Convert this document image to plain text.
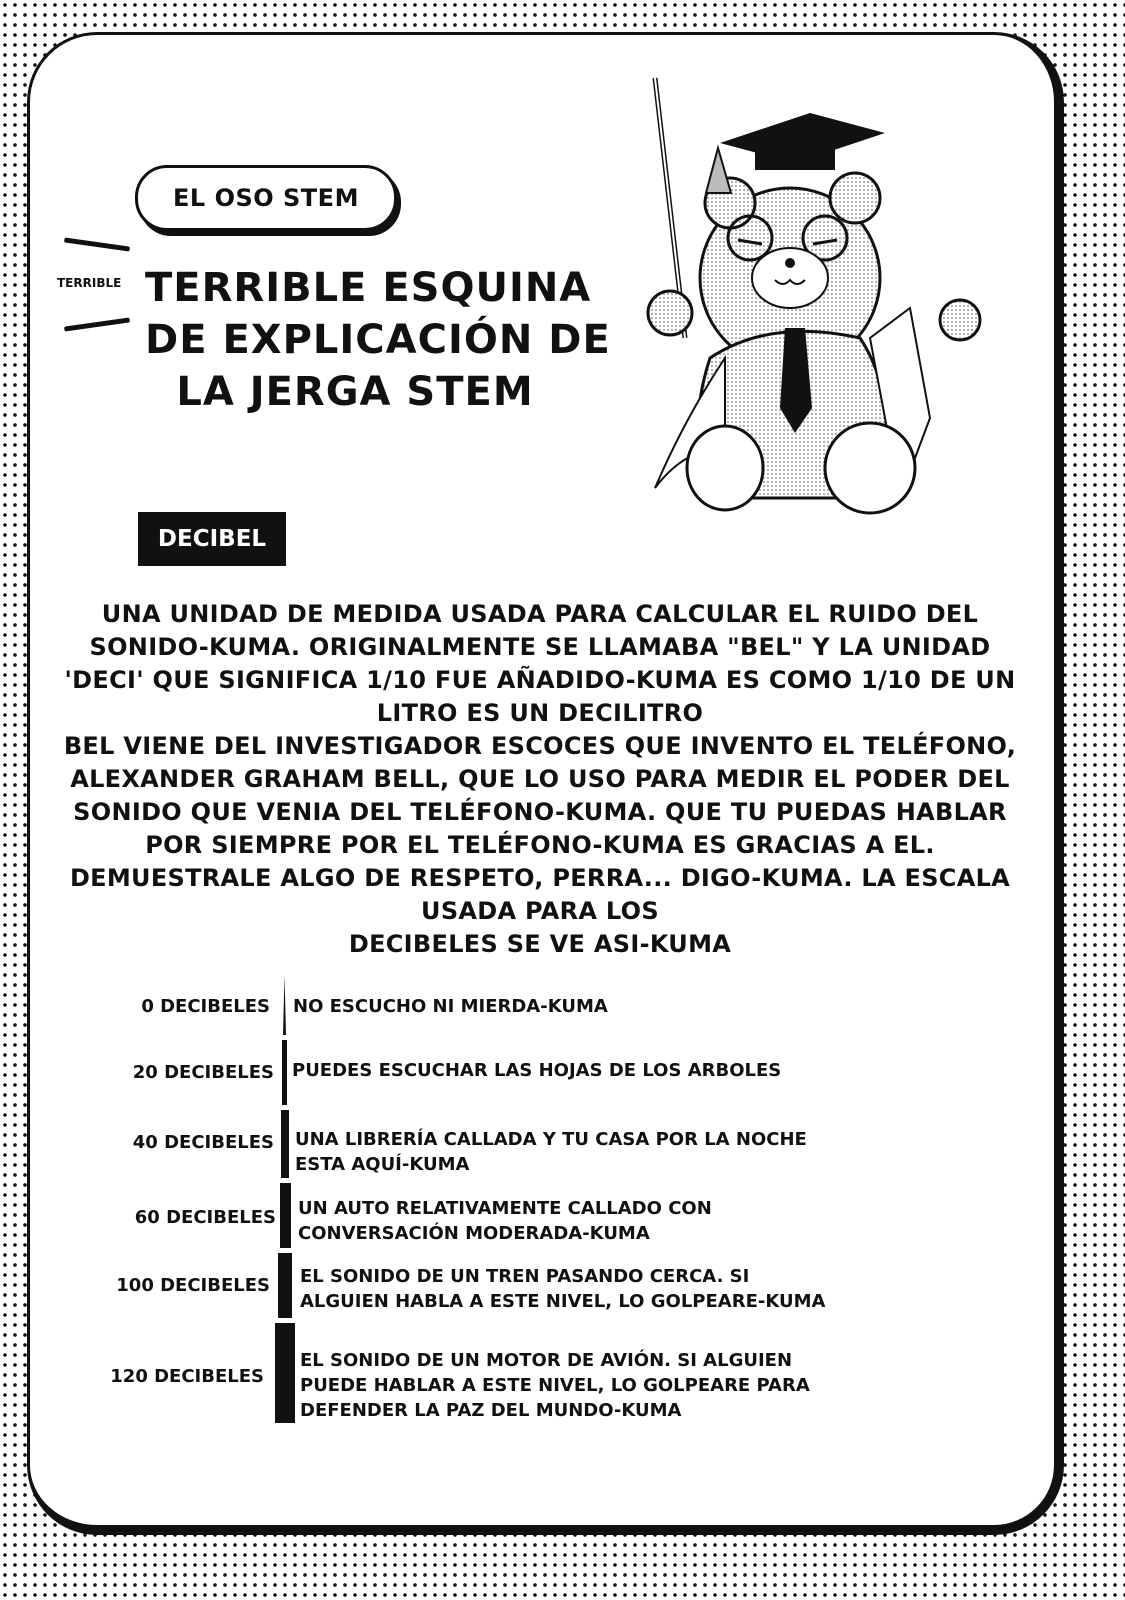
EL OSO STEM
TERRIBLE TERRIBLE ESQUINA
DE EXPLICACIÓN DE
LA JERGA STEM
DECIBEL
UNA UNIDAD DE MEDIDA USADA PARA CALCULAR EL RUIDO DEL
SONIDO-KUMA. ORIGINALMENTE SE LLAMABA "BEL" Y LA UNIDAD
'DECI' QUE SIGNIFICA 1/10 FUE AÑADIDO-KUMA ES COMO 1/10 DE UN
LITRO ES UN DECILITRO
BEL VIENE DEL INVESTIGADOR ESCOCES QUE INVENTO EL TELÉFONO,
ALEXANDER GRAHAM BELL, QUE LO USO PARA MEDIR EL PODER DEL
SONIDO QUE VENIA DEL TELÉFONO-KUMA. QUE TU PUEDAS HABLAR
POR SIEMPRE POR EL TELÉFONO-KUMA ES GRACIAS A EL.
DEMUESTRALE ALGO DE RESPETO, PERRA... DIGO-KUMA. LA ESCALA
USADA PARA LOS
DECIBELES SE VE ASI-KUMA
0 DECIBELES NO ESCUCHO NI MIERDA-KUMA
20 DECIBELES PUEDES ESCUCHAR LAS HOJAS DE LOS ARBOLES
40 DECIBELES UNA LIBRERÍA CALLADA Y TU CASA POR LA NOCHE
ESTA AQUÍ-KUMA
60 DECIBELES UN AUTO RELATIVAMENTE CALLADO CON
CONVERSACIÓN MODERADA-KUMA
100 DECIBELES EL SONIDO DE UN TREN PASANDO CERCA. SI
ALGUIEN HABLA A ESTE NIVEL, LO GOLPEARE-KUMA
120 DECIBELES
EL SONIDO DE UN MOTOR DE AVIÓN. SI ALGUIEN
PUEDE HABLAR A ESTE NIVEL, LO GOLPEARE PARA
DEFENDER LA PAZ DEL MUNDO-KUMA
